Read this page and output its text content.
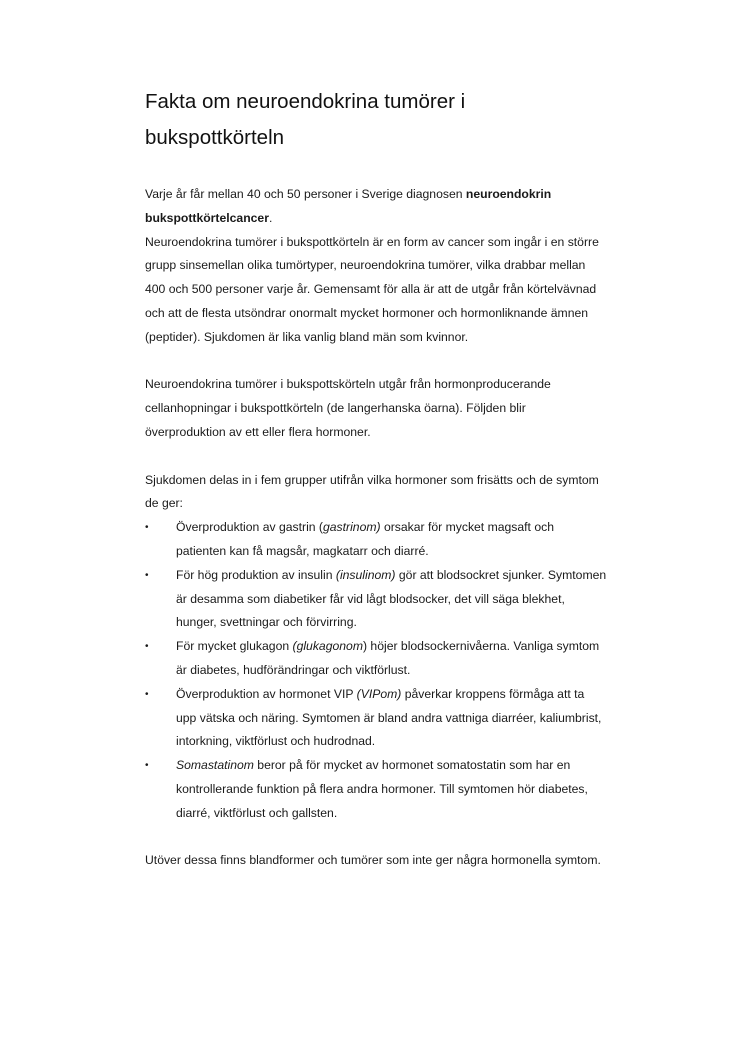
Fakta om neuroendokrina tumörer i bukspottkörteln

Varje år får mellan 40 och 50 personer i Sverige diagnosen neuroendokrin bukspottkörtelcancer.

Neuroendokrina tumörer i bukspottkörteln är en form av cancer som ingår i en större grupp sinsemellan olika tumörtyper, neuroendokrina tumörer, vilka drabbar mellan 400 och 500 personer varje år. Gemensamt för alla är att de utgår från körtelvävnad och att de flesta utsöndrar onormalt mycket hormoner och hormonliknande ämnen (peptider). Sjukdomen är lika vanlig bland män som kvinnor.

Neuroendokrina tumörer i bukspottskörteln utgår från hormonproducerande cellanhopningar i bukspottkörteln (de langerhanska öarna). Följden blir överproduktion av ett eller flera hormoner.

Sjukdomen delas in i fem grupper utifrån vilka hormoner som frisätts och de symtom de ger:

• Överproduktion av gastrin (gastrinom) orsakar för mycket magsaft och patienten kan få magsår, magkatarr och diarré.
• För hög produktion av insulin (insulinom) gör att blodsockret sjunker. Symtomen är desamma som diabetiker får vid lågt blodsocker, det vill säga blekhet, hunger, svettningar och förvirring.
• För mycket glukagon (glukagonom) höjer blodsockernivåerna. Vanliga symtom är diabetes, hudförändringar och viktförlust.
• Överproduktion av hormonet VIP (VIPom) påverkar kroppens förmåga att ta upp vätska och näring. Symtomen är bland andra vattniga diarréer, kaliumbrist, intorkning, viktförlust och hudrodnad.
• Somastatinom beror på för mycket av hormonet somatostatin som har en kontrollerande funktion på flera andra hormoner. Till symtomen hör diabetes, diarré, viktförlust och gallsten.

Utöver dessa finns blandformer och tumörer som inte ger några hormonella symtom.
